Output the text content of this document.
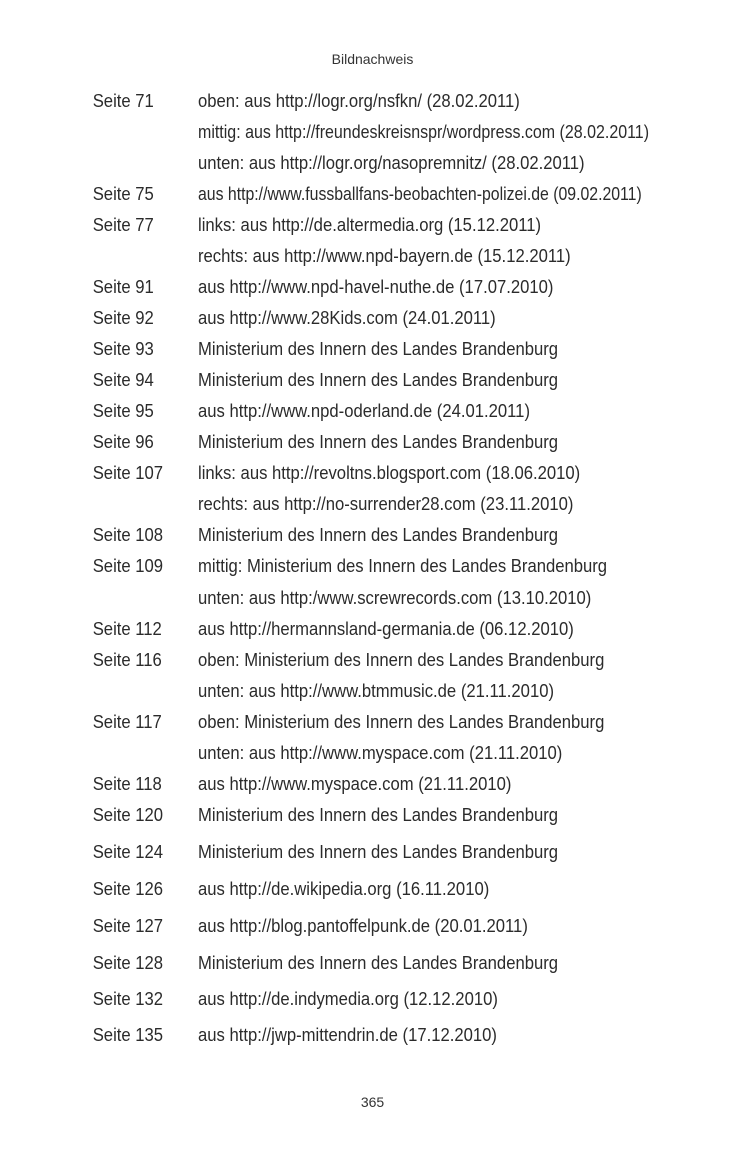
Bildnachweis
Seite 71 oben: aus http://logr.org/nsfkn/ (28.02.2011)
mittig: aus http://freundeskreisnspr/wordpress.com (28.02.2011)
unten: aus http://logr.org/nasopremnitz/ (28.02.2011)
Seite 75 aus http://www.fussballfans-beobachten-polizei.de (09.02.2011)
Seite 77 links: aus http://de.altermedia.org (15.12.2011)
rechts: aus http://www.npd-bayern.de (15.12.2011)
Seite 91 aus http://www.npd-havel-nuthe.de (17.07.2010)
Seite 92 aus http://www.28Kids.com (24.01.2011)
Seite 93 Ministerium des Innern des Landes Brandenburg
Seite 94 Ministerium des Innern des Landes Brandenburg
Seite 95 aus http://www.npd-oderland.de (24.01.2011)
Seite 96 Ministerium des Innern des Landes Brandenburg
Seite 107 links: aus http://revoltns.blogsport.com (18.06.2010)
rechts: aus http://no-surrender28.com (23.11.2010)
Seite 108 Ministerium des Innern des Landes Brandenburg
Seite 109 mittig: Ministerium des Innern des Landes Brandenburg
unten: aus http:/www.screwrecords.com (13.10.2010)
Seite 112 aus http://hermannsland-germania.de (06.12.2010)
Seite 116 oben: Ministerium des Innern des Landes Brandenburg
unten: aus http://www.btmmusic.de (21.11.2010)
Seite 117 oben: Ministerium des Innern des Landes Brandenburg
unten: aus http://www.myspace.com (21.11.2010)
Seite 118 aus http://www.myspace.com (21.11.2010)
Seite 120 Ministerium des Innern des Landes Brandenburg
Seite 124 Ministerium des Innern des Landes Brandenburg
Seite 126 aus http://de.wikipedia.org (16.11.2010)
Seite 127 aus http://blog.pantoffelpunk.de (20.01.2011)
Seite 128 Ministerium des Innern des Landes Brandenburg
Seite 132 aus http://de.indymedia.org (12.12.2010)
Seite 135 aus http://jwp-mittendrin.de (17.12.2010)
365
